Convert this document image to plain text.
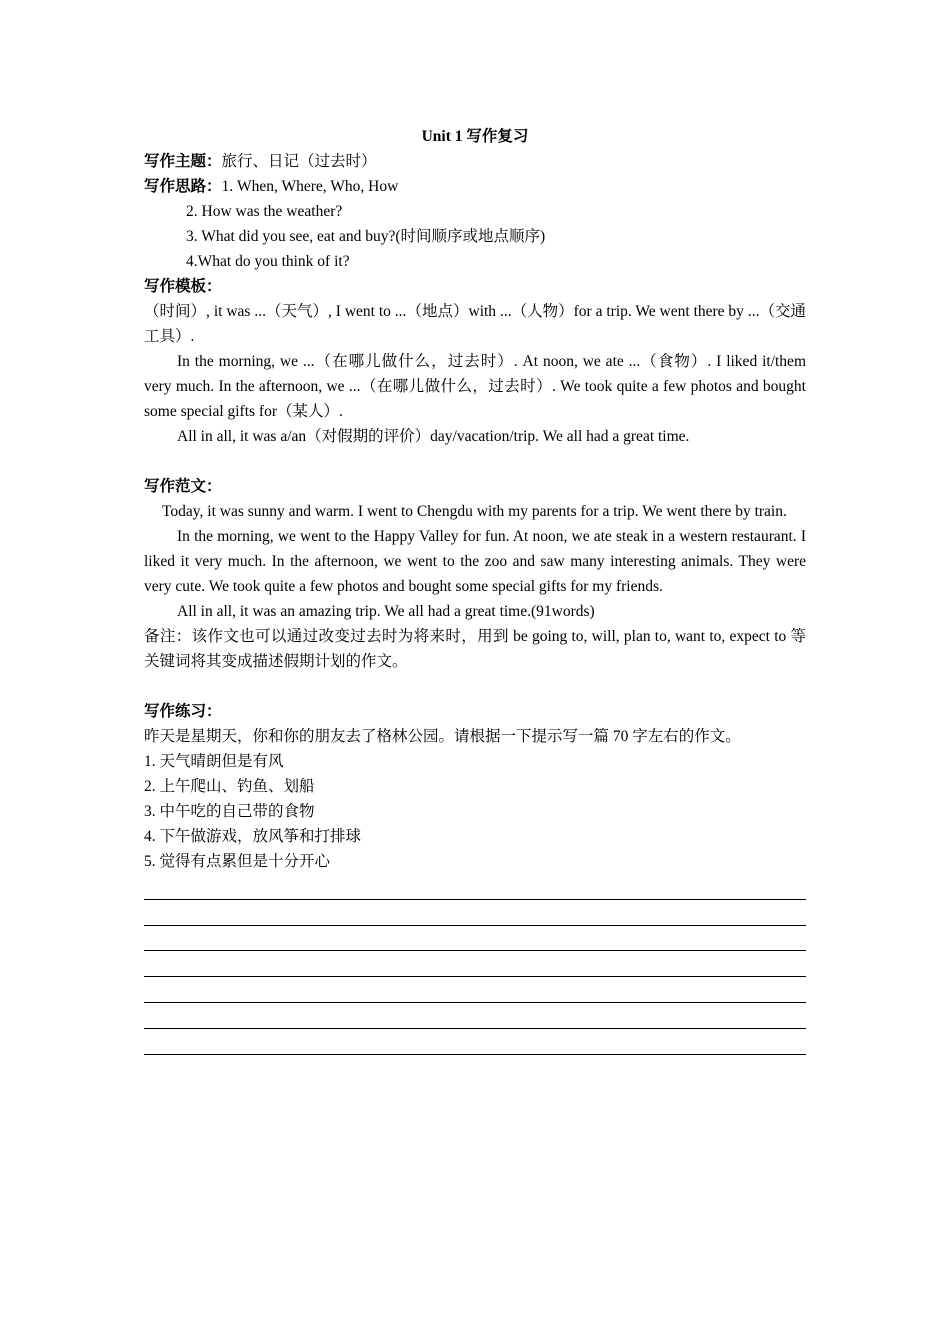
Unit 1 写作复习
写作主题：旅行、日记（过去时）
写作思路：1. When, Where, Who, How
2. How was the weather?
3. What did you see, eat and buy?(时间顺序或地点顺序)
4.What do you think of it?
写作模板：

（时间）, it was ...（天气）, I went to ...（地点）with ...（人物）for a trip. We went there by ...（交通工具）.

In the morning, we ...（在哪儿做什么，过去时）. At noon, we ate ...（食物）. I liked it/them very much. In the afternoon, we ...（在哪儿做什么，过去时）. We took quite a few photos and bought some special gifts for（某人）.

All in all, it was a/an（对假期的评价）day/vacation/trip. We all had a great time.

写作范文：

Today, it was sunny and warm. I went to Chengdu with my parents for a trip. We went there by train.

In the morning, we went to the Happy Valley for fun. At noon, we ate steak in a western restaurant. I liked it very much. In the afternoon, we went to the zoo and saw many interesting animals. They were very cute. We took quite a few photos and bought some special gifts for my friends.

All in all, it was an amazing trip. We all had a great time.(91words)

备注：该作文也可以通过改变过去时为将来时，用到 be going to, will, plan to, want to, expect to 等关键词将其变成描述假期计划的作文。

写作练习：
昨天是星期天，你和你的朋友去了格林公园。请根据一下提示写一篇 70 字左右的作文。
1. 天气晴朗但是有风
2. 上午爬山、钓鱼、划船
3. 中午吃的自己带的食物
4. 下午做游戏，放风筝和打排球
5. 觉得有点累但是十分开心
